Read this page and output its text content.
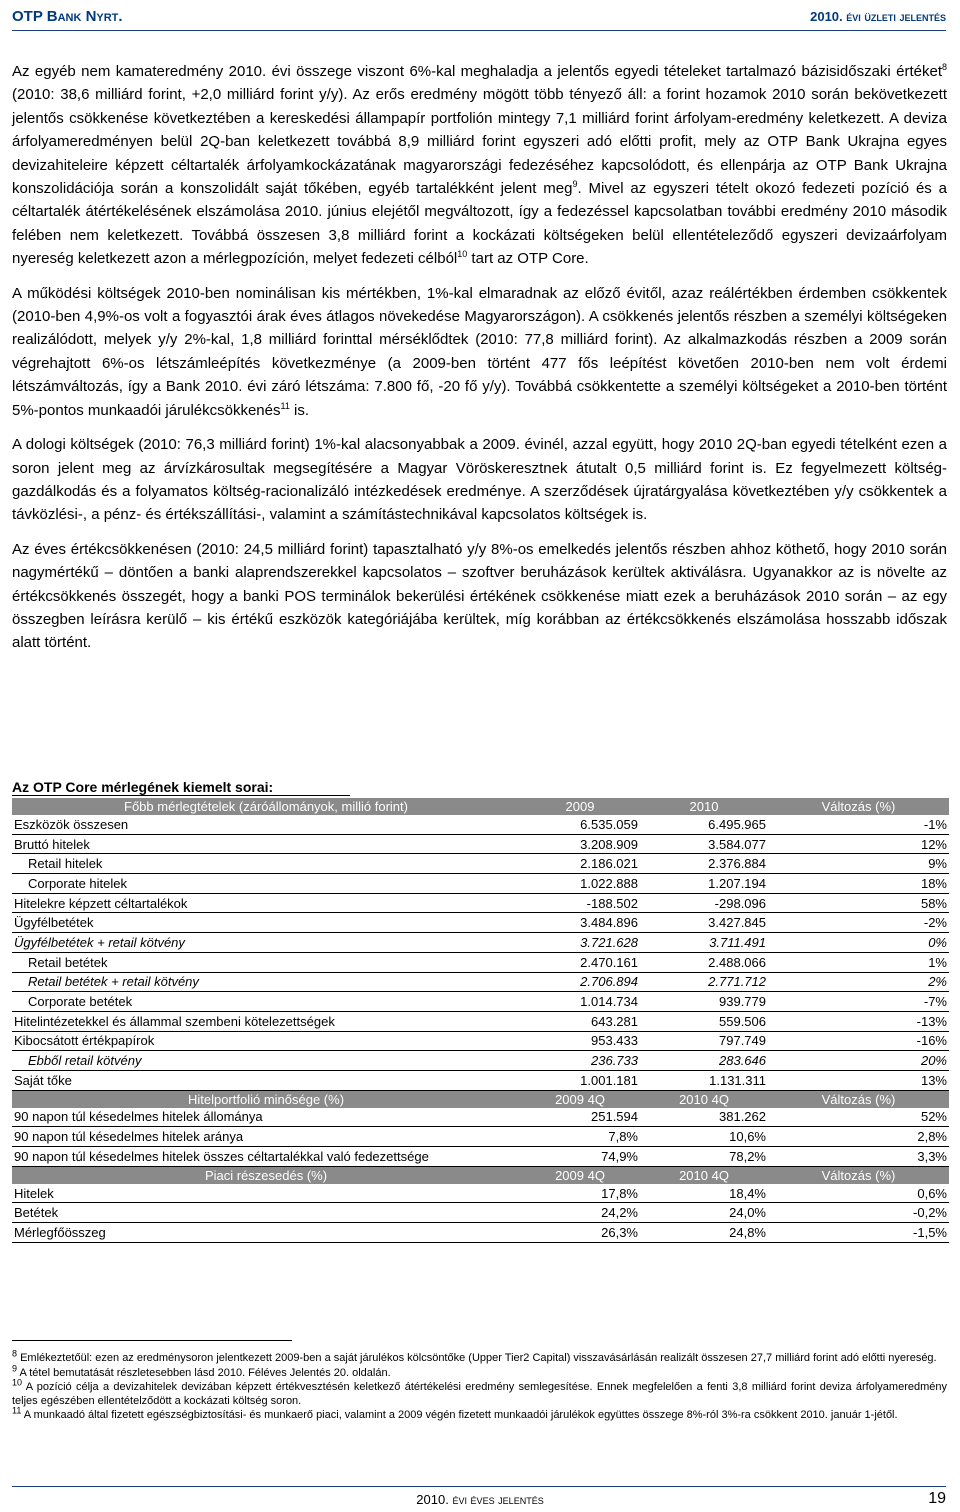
OTP Bank Nyrt.	2010. évi üzleti jelentés

Az egyéb nem kamateredmény 2010. évi összege viszont 6%-kal meghaladja a jelentős egyedi tételeket tartalmazó bázisidőszaki értéket$^8$ (2010: 38,6 milliárd forint, +2,0 milliárd forint y/y). Az erős eredmény mögött több tényező áll: a forint hozamok 2010 során bekövetkezett jelentős csökkenése következtében a kereskedési állampapír portfolión mintegy 7,1 milliárd forint árfolyam-eredmény keletkezett. A deviza árfolyameredményen belül 2Q-ban keletkezett továbbá 8,9 milliárd forint egyszeri adó előtti profit, mely az OTP Bank Ukrajna egyes devizahiteleire képzett céltartalék árfolyamkockázatának magyarországi fedezéséhez kapcsolódott, és ellenpárja az OTP Bank Ukrajna konszolidációja során a konszolidált saját tőkében, egyéb tartalékként jelent meg$^9$. Mivel az egyszeri tételt okozó fedezeti pozíció és a céltartalék átértékelésének elszámolása 2010. június elejétől megváltozott, így a fedezéssel kapcsolatban további eredmény 2010 második felében nem keletkezett. Továbbá összesen 3,8 milliárd forint a kockázati költségeken belül ellentételeződő egyszeri devizaárfolyam nyereség keletkezett azon a mérlegpozíción, melyet fedezeti célból$^{10}$ tart az OTP Core.

A működési költségek 2010-ben nominálisan kis mértékben, 1%-kal elmaradnak az előző évitől, azaz reálértékben érdemben csökkentek (2010-ben 4,9%-os volt a fogyasztói árak éves átlagos növekedése Magyarországon). A csökkenés jelentős részben a személyi költségeken realizálódott, melyek y/y 2%-kal, 1,8 milliárd forinttal mérséklődtek (2010: 77,8 milliárd forint). Az alkalmazkodás részben a 2009 során végrehajtott 6%-os létszámleépítés következménye (a 2009-ben történt 477 fős leépítést követően 2010-ben nem volt érdemi létszámváltozás, így a Bank 2010. évi záró létszáma: 7.800 fő, -20 fő y/y). Továbbá csökkentette a személyi költségeket a 2010-ben történt 5%-pontos munkaadói járulékcsökkenés$^{11}$ is.

A dologi költségek (2010: 76,3 milliárd forint) 1%-kal alacsonyabbak a 2009. évinél, azzal együtt, hogy 2010 2Q-ban egyedi tételként ezen a soron jelent meg az árvízkárosultak megsegítésére a Magyar Vöröskeresztnek átutalt 0,5 milliárd forint is. Ez fegyelmezett költség-gazdálkodás és a folyamatos költség-racionalizáló intézkedések eredménye. A szerződések újratárgyalása következtében y/y csökkentek a távközlési-, a pénz- és értékszállítási-, valamint a számítástechnikával kapcsolatos költségek is.

Az éves értékcsökkenésen (2010: 24,5 milliárd forint) tapasztalható y/y 8%-os emelkedés jelentős részben ahhoz köthető, hogy 2010 során nagymértékű – döntően a banki alaprendszerekkel kapcsolatos – szoftver beruházások kerültek aktiválásra. Ugyanakkor az is növelte az értékcsökkenés összegét, hogy a banki POS terminálok bekerülési értékének csökkenése miatt ezek a beruházások 2010 során – az egy összegben leírásra kerülő – kis értékű eszközök kategóriájába kerültek, míg korábban az értékcsökkenés elszámolása hosszabb időszak alatt történt.

Az OTP Core mérlegének kiemelt sorai:
Főbb mérlegtételek (záróállományok, millió forint)	2009	2010	Változás (%)
Eszközök összesen	6.535.059	6.495.965	-1%
Bruttó hitelek	3.208.909	3.584.077	12%
Retail hitelek	2.186.021	2.376.884	9%
Corporate hitelek	1.022.888	1.207.194	18%
Hitelekre képzett céltartalékok	-188.502	-298.096	58%
Ügyfélbetétek	3.484.896	3.427.845	-2%
Ügyfélbetétek + retail kötvény	3.721.628	3.711.491	0%
Retail betétek	2.470.161	2.488.066	1%
Retail betétek + retail kötvény	2.706.894	2.771.712	2%
Corporate betétek	1.014.734	939.779	-7%
Hitelintézetekkel és állammal szembeni kötelezettségek	643.281	559.506	-13%
Kibocsátott értékpapírok	953.433	797.749	-16%
Ebből retail kötvény	236.733	283.646	20%
Saját tőke	1.001.181	1.131.311	13%
Hitelportfolió minősége (%)	2009 4Q	2010 4Q	Változás (%)
90 napon túl késedelmes hitelek állománya	251.594	381.262	52%
90 napon túl késedelmes hitelek aránya	7,8%	10,6%	2,8%
90 napon túl késedelmes hitelek összes céltartalékkal való fedezettsége	74,9%	78,2%	3,3%
Piaci részesedés (%)	2009 4Q	2010 4Q	Változás (%)
Hitelek	17,8%	18,4%	0,6%
Betétek	24,2%	24,0%	-0,2%
Mérlegfőösszeg	26,3%	24,8%	-1,5%

$^8$ Emlékeztetőül: ezen az eredménysoron jelentkezett 2009-ben a saját járulékos kölcsöntőke (Upper Tier2 Capital) visszavásárlásán realizált összesen 27,7 milliárd forint adó előtti nyereség.

$^9$ A tétel bemutatását részletesebben lásd 2010. Féléves Jelentés 20. oldalán.

$^{10}$ A pozíció célja a devizahitelek devizában képzett értékvesztésén keletkező átértékelési eredmény semlegesítése. Ennek megfelelően a fenti 3,8 milliárd forint deviza árfolyameredmény teljes egészében ellentételződött a kockázati költség soron.

$^{11}$ A munkaadó által fizetett egészségbiztosítási- és munkaerő piaci, valamint a 2009 végén fizetett munkaadói járulékok együttes összege 8%-ról 3%-ra csökkent 2010. január 1-jétől.

2010. évi éves jelentés	19
